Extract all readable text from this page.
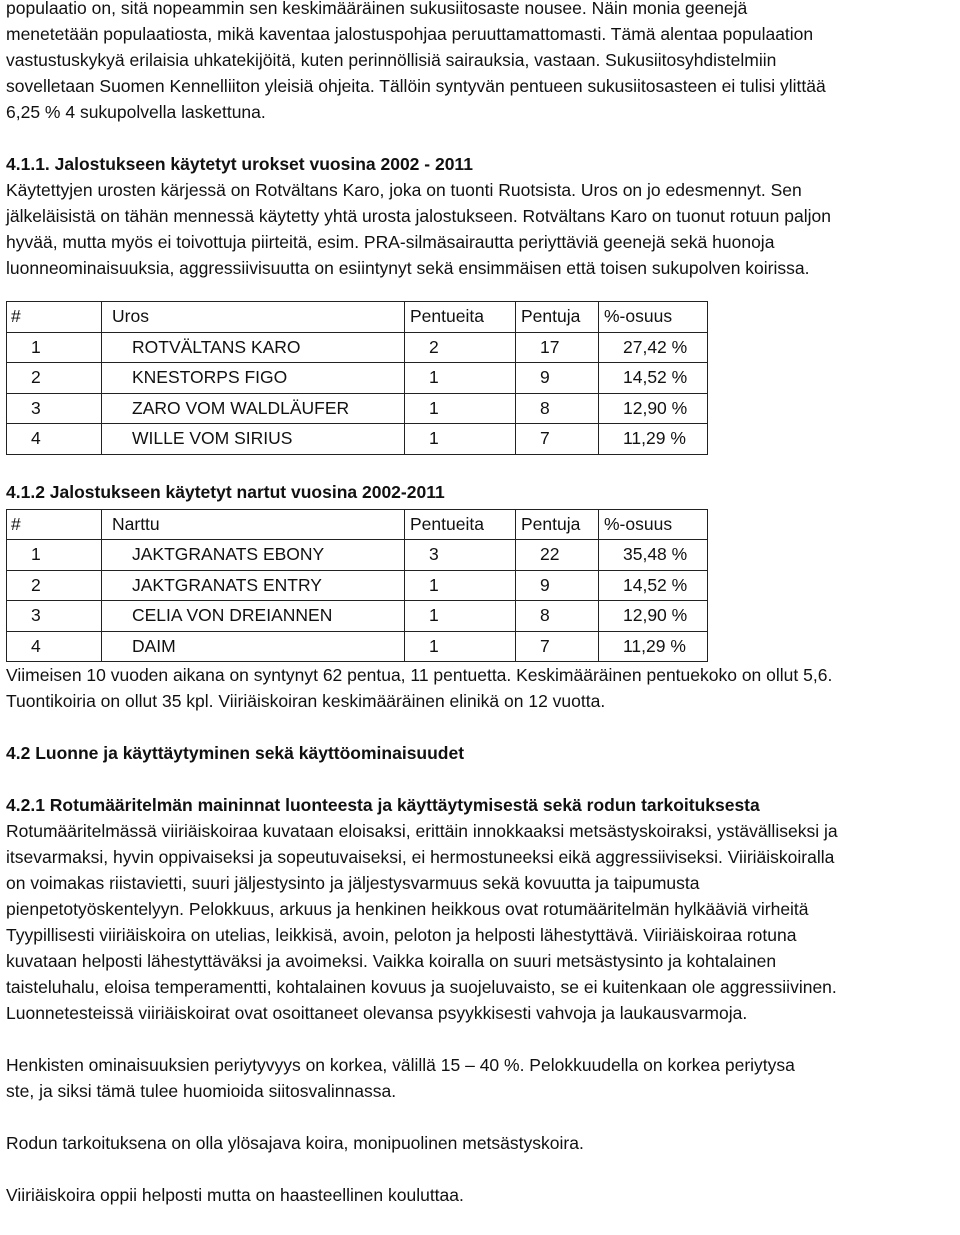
populaatio on, sitä nopeammin sen keskimääräinen sukusiitosaste nousee. Näin monia geenejä

menetetään populaatiosta, mikä kaventaa jalostuspohjaa peruuttamattomasti. Tämä alentaa populaation

vastustuskykyä erilaisia uhkatekijöitä, kuten perinnöllisiä sairauksia, vastaan. Sukusiitosyhdistelmiin

sovelletaan Suomen Kennelliiton yleisiä ohjeita. Tällöin syntyvän pentueen sukusiitosasteen ei tulisi ylittää

6,25 % 4 sukupolvella laskettuna.

4.1.1. Jalostukseen käytetyt urokset vuosina 2002 - 2011

Käytettyjen urosten kärjessä on Rotvältans Karo, joka on tuonti Ruotsista. Uros on jo edesmennyt. Sen

jälkeläisistä on tähän mennessä käytetty yhtä urosta jalostukseen. Rotvältans Karo on tuonut rotuun paljon

hyvää, mutta myös ei toivottuja piirteitä, esim. PRA-silmäsairautta periyttäviä geenejä sekä huonoja

luonneominaisuuksia, aggressiivisuutta on esiintynyt sekä ensimmäisen että toisen sukupolven koirissa.

#	Uros	Pentueita	Pentuja	%-osuus
1	ROTVÄLTANS KARO	2	17	27,42 %
2	KNESTORPS FIGO	1	9	14,52 %
3	ZARO VOM WALDLÄUFER	1	8	12,90 %
4	WILLE VOM SIRIUS	1	7	11,29 %

4.1.2 Jalostukseen käytetyt nartut vuosina 2002-2011

#	Narttu	Pentueita	Pentuja	%-osuus
1	JAKTGRANATS EBONY	3	22	35,48 %
2	JAKTGRANATS ENTRY	1	9	14,52 %
3	CELIA VON DREIANNEN	1	8	12,90 %
4	DAIM	1	7	11,29 %

Viimeisen 10 vuoden aikana on syntynyt 62 pentua, 11 pentuetta. Keskimääräinen pentuekoko on ollut 5,6.

Tuontikoiria on ollut 35 kpl. Viiriäiskoiran keskimääräinen elinikä on 12 vuotta.

4.2 Luonne ja käyttäytyminen sekä käyttöominaisuudet

4.2.1 Rotumääritelmän maininnat luonteesta ja käyttäytymisestä sekä rodun tarkoituksesta

Rotumääritelmässä viiriäiskoiraa kuvataan eloisaksi, erittäin innokkaaksi metsästyskoiraksi, ystävälliseksi ja

itsevarmaksi, hyvin oppivaiseksi ja sopeutuvaiseksi, ei hermostuneeksi eikä aggressiiviseksi. Viiriäiskoiralla

on voimakas riistavietti, suuri jäljestysinto ja jäljestysvarmuus sekä kovuutta ja taipumusta

pienpetotyöskentelyyn. Pelokkuus, arkuus ja henkinen heikkous ovat rotumääritelmän hylkääviä virheitä

Tyypillisesti viiriäiskoira on utelias, leikkisä, avoin, peloton ja helposti lähestyttävä. Viiriäiskoiraa rotuna

kuvataan helposti lähestyttäväksi ja avoimeksi. Vaikka koiralla on suuri metsästysinto ja kohtalainen

taisteluhalu, eloisa temperamentti, kohtalainen kovuus ja suojeluvaisto, se ei kuitenkaan ole aggressiivinen.

Luonnetesteissä viiriäiskoirat ovat osoittaneet olevansa psyykkisesti vahvoja ja laukausvarmoja.

Henkisten ominaisuuksien periytyvyys on korkea, välillä 15 – 40 %. Pelokkuudella on korkea periytysa

ste, ja siksi tämä tulee huomioida siitosvalinnassa.

Rodun tarkoituksena on olla ylösajava koira, monipuolinen metsästyskoira.

Viiriäiskoira oppii helposti mutta on haasteellinen kouluttaa.
